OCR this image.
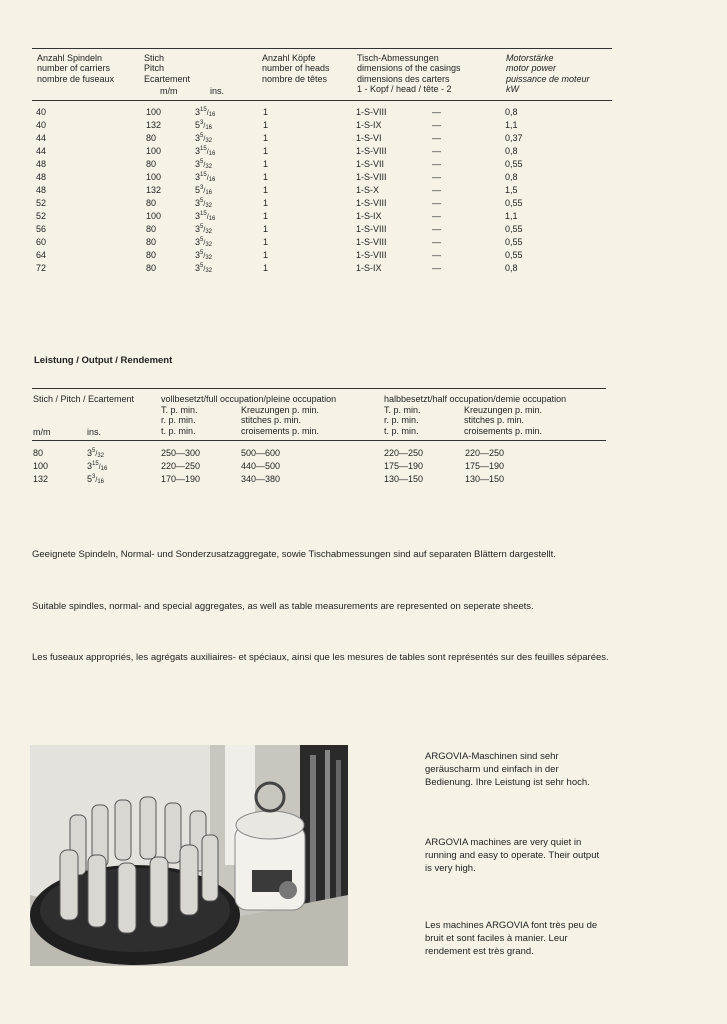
Anzahl Spindeln
number of carriers
nombre de fuseaux
Stich
Pitch
Ecartement
m/m	ins.
Anzahl Köpfe
number of heads
nombre de têtes
Tisch-Abmessungen
dimensions of the casings
dimensions des carters
1 - Kopf / head / tête - 2
Motorstärke
motor power
puissance de moteur
kW
40	100	$3^{15}/_{16}$	1	1-S-VIII	—	0,8
40	132	$5^3/_{16}$	1	1-S-IX	—	1,1
44	80	$3^5/_{32}$	1	1-S-VI	—	0,37
44	100	$3^{15}/_{16}$	1	1-S-VIII	—	0,8
48	80	$3^5/_{32}$	1	1-S-VII	—	0,55
48	100	$3^{15}/_{16}$	1	1-S-VIII	—	0,8
48	132	$5^3/_{16}$	1	1-S-X	—	1,5
52	80	$3^5/_{32}$	1	1-S-VIII	—	0,55
52	100	$3^{15}/_{16}$	1	1-S-IX	—	1,1
56	80	$3^5/_{32}$	1	1-S-VIII	—	0,55
60	80	$3^5/_{32}$	1	1-S-VIII	—	0,55
64	80	$3^5/_{32}$	1	1-S-VIII	—	0,55
72	80	$3^5/_{32}$	1	1-S-IX	—	0,8
Leistung / Output / Rendement
Stich / Pitch / Ecartement
m/m	ins.
vollbesetzt/full occupation/pleine occupation
T. p. min.
r. p. min.
t. p. min.
Kreuzungen p. min.
stitches p. min.
croisements p. min.
halbbesetzt/half occupation/demie occupation
T. p. min.
r. p. min.
t. p. min.
Kreuzungen p. min.
stitches p. min.
croisements p. min.
80	$3^5/_{32}$	250—300	500—600	220—250	220—250
100	$3^{15}/_{16}$	220—250	440—500	175—190	175—190
132	$5^3/_{16}$	170—190	340—380	130—150	130—150
Geeignete Spindeln, Normal- und Sonderzusatzaggregate, sowie Tischabmessungen sind auf separaten Blättern dargestellt.
Suitable spindles, normal- and special aggregates, as well as table measurements are represented on seperate sheets.
Les fuseaux appropriés, les agrégats auxiliaires- et spéciaux, ainsi que les mesures de tables sont représentés sur des feuilles séparées.
ARGOVIA-Maschinen sind sehr geräuscharm und einfach in der Bedienung. Ihre Leistung ist sehr hoch.
ARGOVIA machines are very quiet in running and easy to operate. Their output is very high.
Les machines ARGOVIA font très peu de bruit et sont faciles à manier. Leur rendement est très grand.
